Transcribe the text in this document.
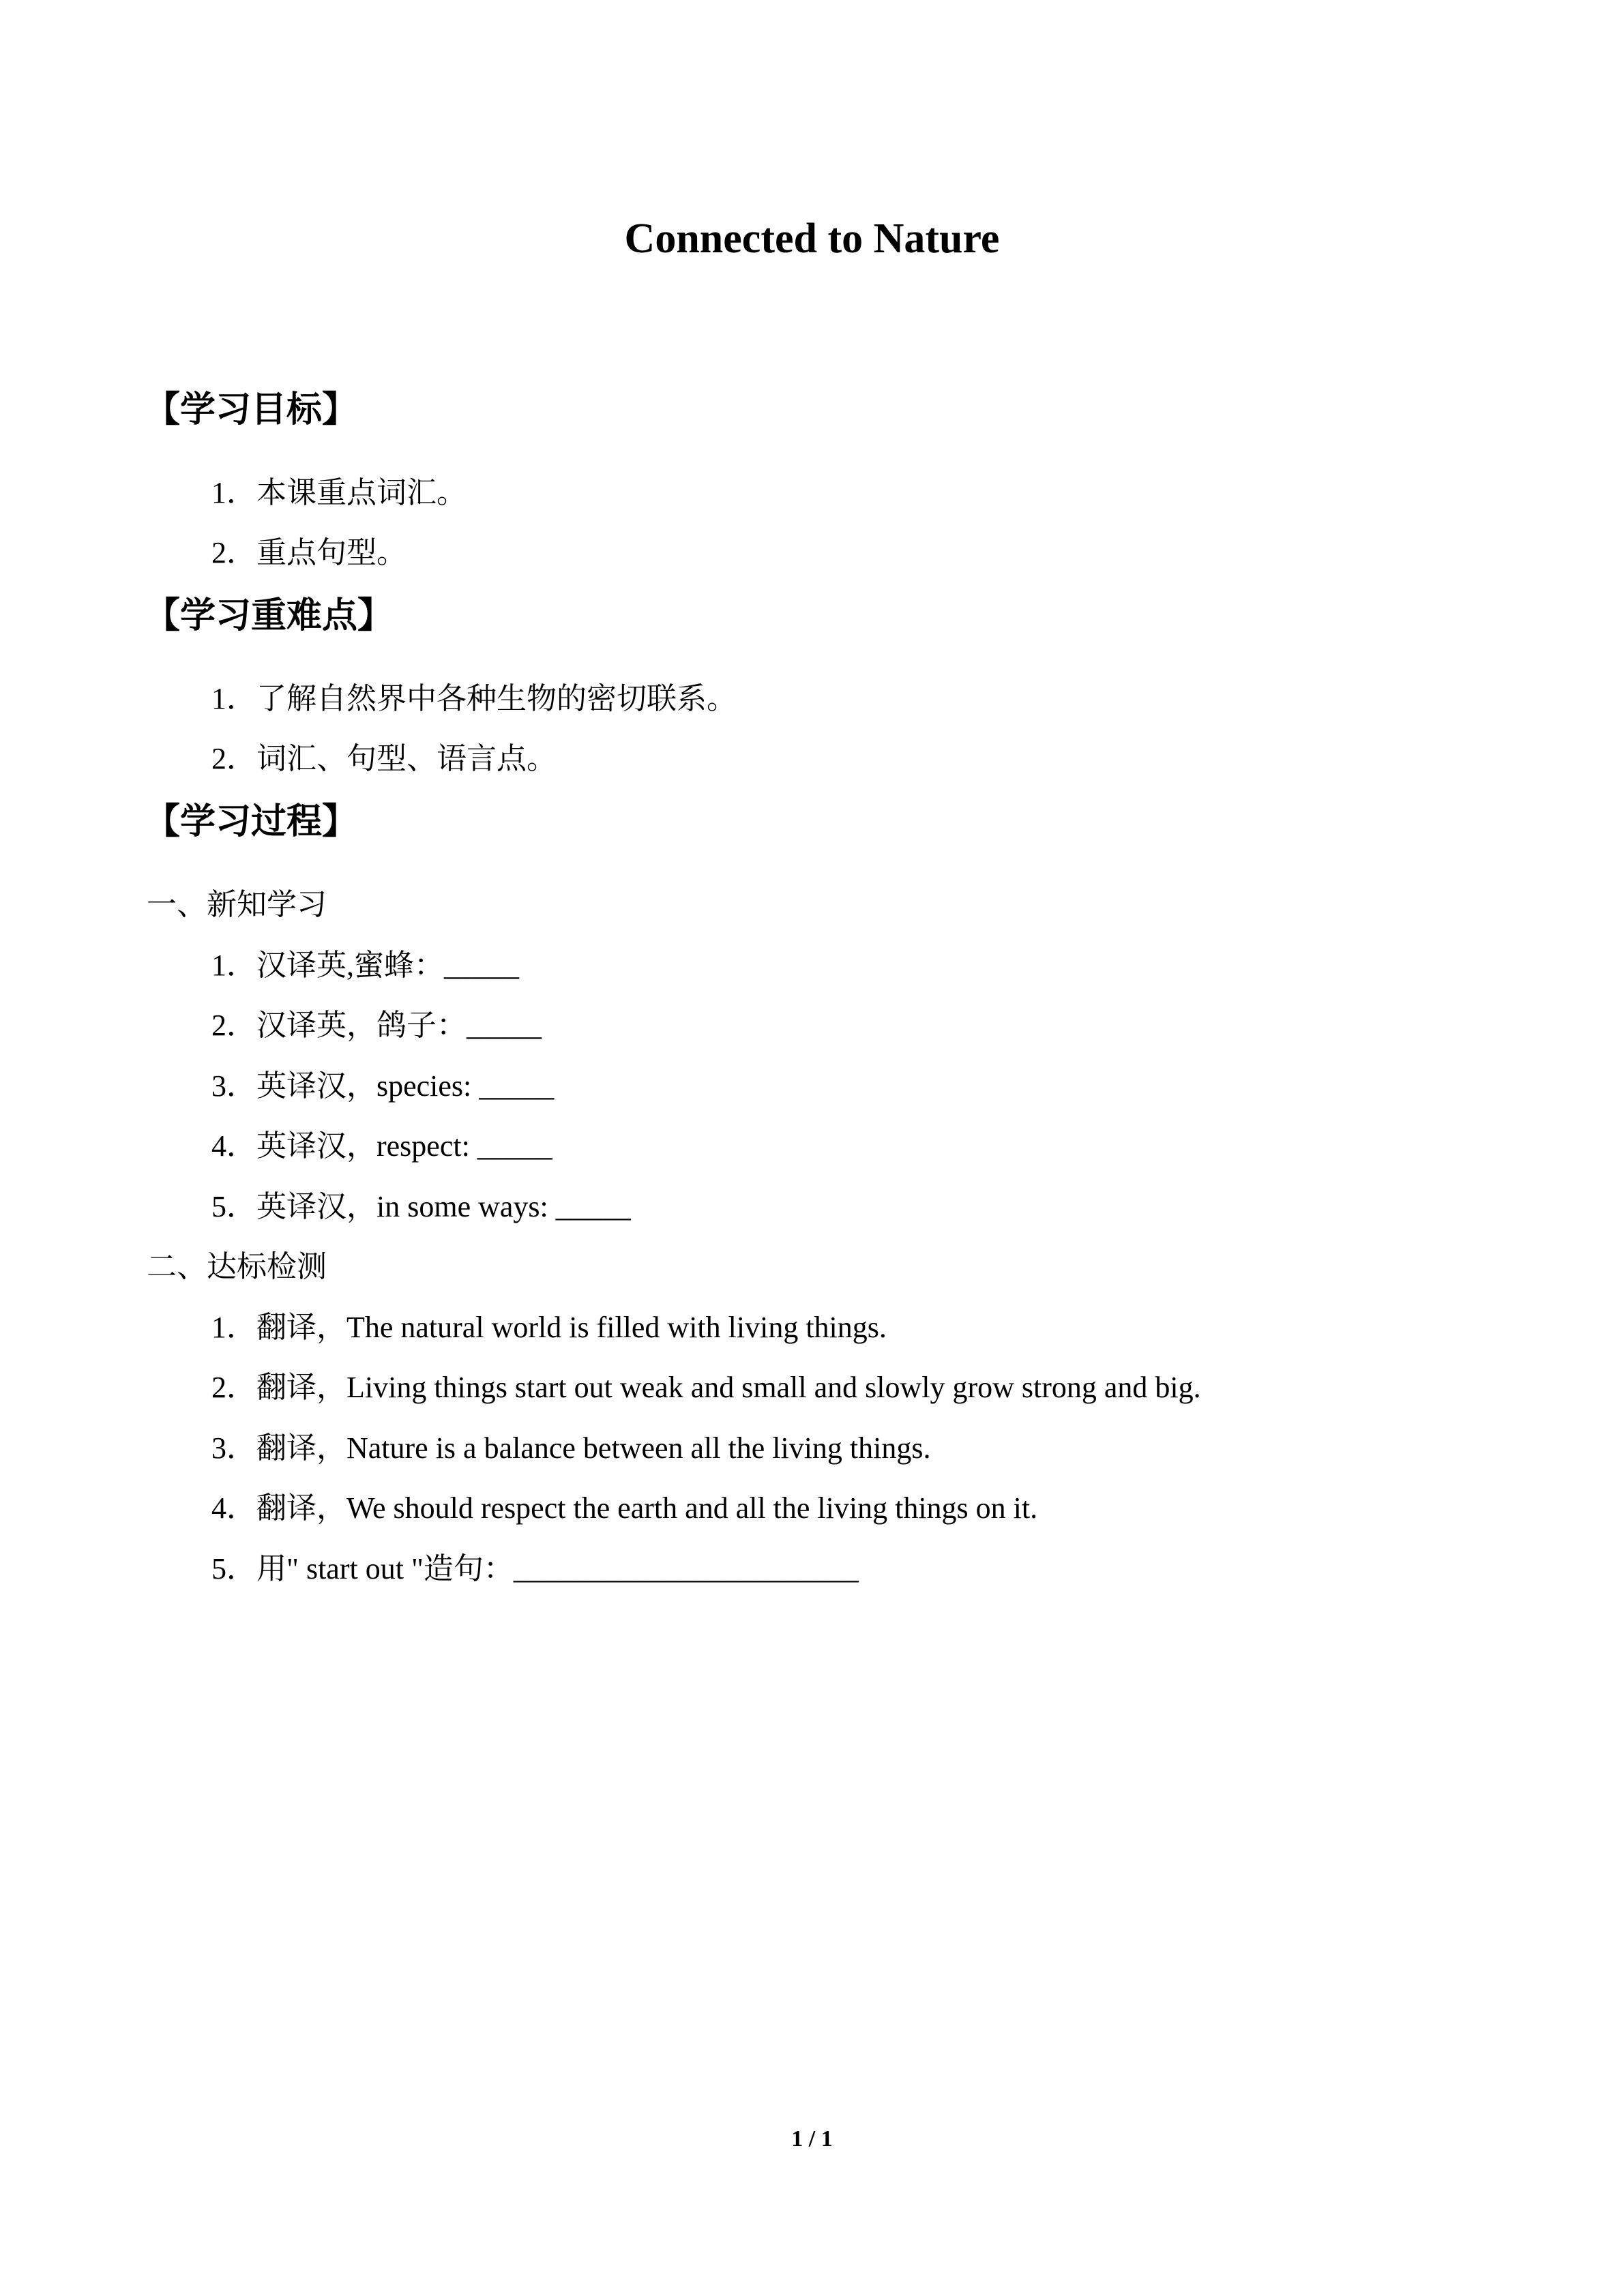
Connected to Nature
【学习目标】
1．本课重点词汇。
2．重点句型。
【学习重难点】
1．了解自然界中各种生物的密切联系。
2．词汇、句型、语言点。
【学习过程】
一、新知学习
1．汉译英,蜜蜂：_____
2．汉译英，鸽子：_____
3．英译汉，species: _____
4．英译汉，respect: _____
5．英译汉，in some ways: _____
二、达标检测
1．翻译，The natural world is filled with living things.
2．翻译，Living things start out weak and small and slowly grow strong and big.
3．翻译，Nature is a balance between all the living things.
4．翻译，We should respect the earth and all the living things on it.
5．用" start out "造句：_______________________
1 / 1
